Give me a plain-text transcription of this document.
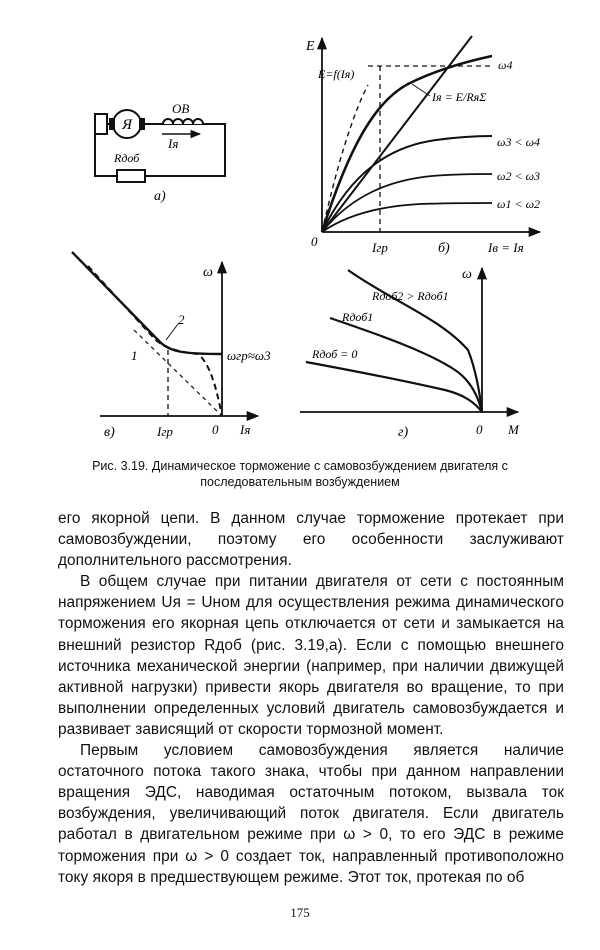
Я
ОВ
Iя
Rдоб
а)
E
E=f(Iя)
Iя = E/RяΣ
ω4
ω3 < ω4
ω2 < ω3
ω1 < ω2
0	Iгр	б)	Iв = Iя
ω
2
1	ωгр≈ω3
в)	Iгр	0 Iя
ω
Rдоб2 > Rдоб1
Rдоб1
Rдоб = 0
г)	0 M
Рис. 3.19. Динамическое торможение с самовозбуждением двигателя с
последовательным возбуждением

его якорной цепи. В данном случае торможение протекает при самовозбуждении, поэтому его особенности заслуживают дополнительного рассмотрения.

В общем случае при питании двигателя от сети с постоянным напряжением Uя = Uном для осуществления режима динамического торможения его якорная цепь отключается от сети и замыкается на внешний резистор Rдоб (рис. 3.19,а). Если с помощью внешнего источника механической энергии (например, при наличии движущей активной нагрузки) привести якорь двигателя во вращение, то при выполнении определенных условий двигатель самовозбуждается и развивает зависящий от скорости тормозной момент.

Первым условием самовозбуждения является наличие остаточного потока такого знака, чтобы при данном направлении вращения ЭДС, наводимая остаточным потоком, вызвала ток возбуждения, увеличивающий поток двигателя. Если двигатель работал в двигательном режиме при ω > 0, то его ЭДС в режиме торможения при ω > 0 создает ток, направленный противоположно току якоря в предшествующем режиме. Этот ток, протекая по об

175
